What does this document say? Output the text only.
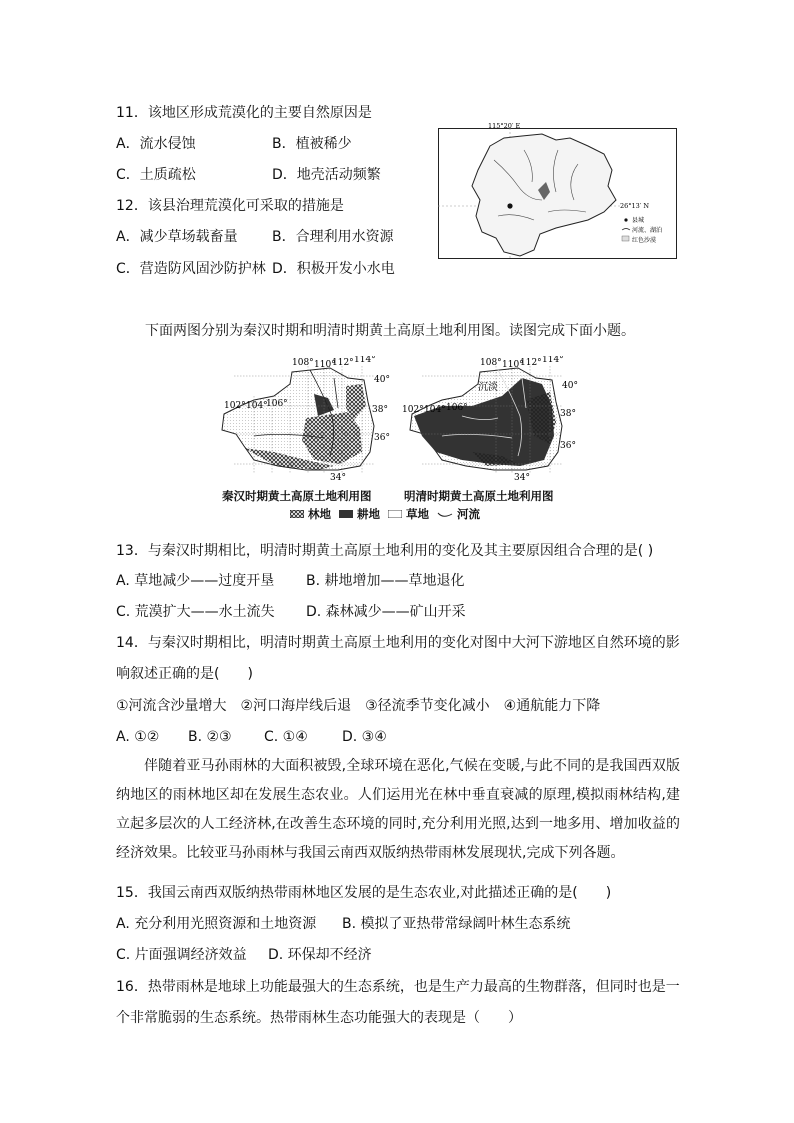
11．该地区形成荒漠化的主要自然原因是
A．流水侵蚀	B．植被稀少
C．土质疏松	D．地壳活动频繁
12．该县治理荒漠化可采取的措施是
A．减少草场载畜量 B．合理利用水资源
C．营造防风固沙防护林 D．积极开发小水电
115°20′ E
26°13′ N
县城
河流、湖泊
红色沙漠
下面两图分别为秦汉时期和明清时期黄土高原土地利用图。读图完成下面小题。
108° 110°
112° 114°
102° 104°
106°
40°
38°
36°
34°
沉淡
108° 110°
112° 114°
102° 104° 106°
40°
38°
36°
34°
秦汉时期黄土高原土地利用图	明清时期黄土高原土地利用图
林地 耕地 草地 河流
13．与秦汉时期相比，明清时期黄土高原土地利用的变化及其主要原因组合合理的是( )
A. 草地减少——过度开垦 B. 耕地增加——草地退化
C. 荒漠扩大——水土流失 D. 森林减少——矿山开采
14．与秦汉时期相比，明清时期黄土高原土地利用的变化对图中大河下游地区自然环境的影
响叙述正确的是(　　)
①河流含沙量增大　②河口海岸线后退　③径流季节变化减小　④通航能力下降
A. ①② B. ②③ C. ①④ D. ③④
伴随着亚马孙雨林的大面积被毁,全球环境在恶化,气候在变暖,与此不同的是我国西双版纳地区的雨林地区却在发展生态农业。人们运用光在林中垂直衰减的原理,模拟雨林结构,建立起多层次的人工经济林,在改善生态环境的同时,充分利用光照,达到一地多用、增加收益的经济效果。比较亚马孙雨林与我国云南西双版纳热带雨林发展现状,完成下列各题。
15．我国云南西双版纳热带雨林地区发展的是生态农业,对此描述正确的是(　　)
A. 充分利用光照资源和土地资源 B. 模拟了亚热带常绿阔叶林生态系统
C. 片面强调经济效益 D. 环保却不经济
16．热带雨林是地球上功能最强大的生态系统，也是生产力最高的生物群落，但同时也是一
个非常脆弱的生态系统。热带雨林生态功能强大的表现是（　　）
